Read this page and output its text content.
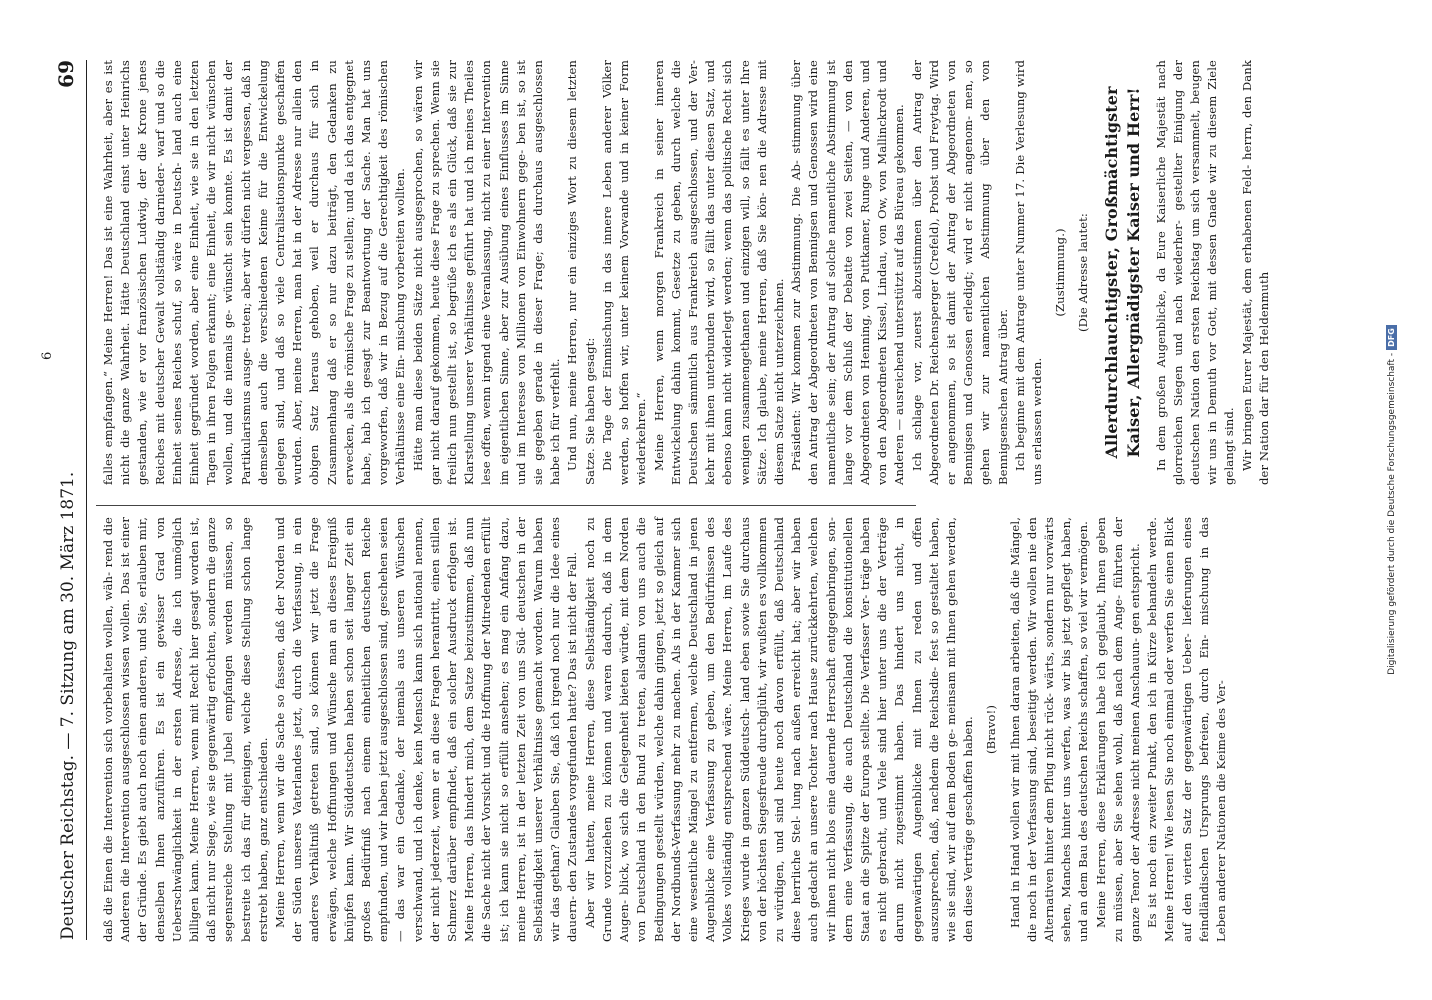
Deutscher Reichstag. — 7. Sitzung am 30. März 1871.
69
6

daß die Einen die Intervention sich vorbehalten wollen, wäh- rend die Anderen die Intervention ausgeschlossen wissen wollen. Das ist einer der Gründe. Es giebt auch noch einen anderen, und Sie, erlauben mir, denselben Ihnen anzuführen. Es ist ein gewisser Grad von Ueberschwänglichkeit in der ersten Adresse, die ich unmöglich billigen kann. Meine Herren, wenn mit Recht hier gesagt worden ist, daß nicht nur Siege, wie sie gegenwärtig erfochten, sondern die ganze segensreiche Stellung mit Jubel empfangen werden müssen, so bestreite ich das für diejenigen, welche diese Stellung schon lange erstrebt haben, ganz entschieden. Meine Herren, wenn wir die Sache so fassen, daß der Norden und der Süden unseres Vaterlandes jetzt, durch die Verfassung, in ein anderes Verhältniß getreten sind, so können wir jetzt die Frage erwägen, welche Hoffnungen und Wünsche man an dieses Ereigniß knüpfen kann. Wir Süddeutschen haben schon seit langer Zeit ein großes Bedürfniß nach einem einheitlichen deutschen Reiche empfunden, und wir haben jetzt ausgeschlossen sind, geschehen seien — das war ein Gedanke, der niemals aus unseren Wünschen verschwand, und ich denke, kein Mensch kann sich national nennen, der nicht jederzeit, wenn er an diese Fragen herantritt, einen stillen Schmerz darüber empfindet, daß ein solcher Ausdruck erfolgen ist. Meine Herren, das hindert mich, dem Satze beizustimmen, daß nun die Sache nicht der Vorsicht und die Hoffnung der Mitredenden erfüllt ist; ich kann sie nicht so erfüllt ansehen; es mag ein Anfang dazu, meine Herren, ist in der letzten Zeit von uns Süd- deutschen in der Selbständigkeit unserer Verhältnisse gemacht worden. Warum haben wir das gethan? Glauben Sie, daß ich irgend noch nur die Idee eines dauern- den Zustandes vorgefunden hatte? Das ist nicht der Fall. Aber wir hatten, meine Herren, diese Selbständigkeit noch zu Grunde vorzuziehen zu können und waren dadurch, daß in dem Augen- blick, wo sich die Gelegenheit bieten würde, mit dem Norden von Deutschland in den Bund zu treten, alsdann von uns auch die Bedingungen gestellt würden, welche dahin gingen, jetzt so gleich auf der Nordbunds-Verfassung mehr zu machen. Als in der Kammer sich eine wesentliche Mängel zu entfernen, welche Deutschland in jenen Augenblicke eine Verfassung zu geben, um den Bedürfnissen des Volkes vollständig entsprechend wäre. Meine Herren, im Laufe des Krieges wurde in ganzen Süddeutsch- land eben sowie Sie durchaus von der höchsten Siegesfreude durchglüht, wir wußten es vollkommen zu würdigen, und sind heute noch davon erfüllt, daß Deutschland diese herrliche Stel- lung nach außen erreicht hat; aber wir haben auch gedacht an unsere Tochter nach Hause zurückkehrten, welchen wir ihnen nicht blos eine dauernde Herrschaft entgegenbringen, son- dern eine Verfassung, die auch Deutschland die konstitutionellen Staat an die Spitze der Europa stellte. Die Verfasser Ver- träge haben es nicht gebracht, und Viele sind hier unter uns die der Verträge darum nicht zugestimmt haben. Das hindert uns nicht, in gegenwärtigen Augenblicke mit Ihnen zu reden und offen auszusprechen, daß, nachdem die Reichsdie- fest so gestaltet haben, wie sie sind, wir auf dem Boden ge- meinsam mit Ihnen gehen werden, den diese Verträge geschaffen haben. (Bravo!) Hand in Hand wollen wir mit Ihnen daran arbeiten, daß die Mängel, die noch in der Verfassung sind, beseitigt werden. Wir wollen nie den Alternativen hinter dem Pflug nicht rück- wärts, sondern nur vorwärts sehen, Manches hinter uns werfen, was wir bis jetzt gepflegt haben, und an dem Bau des deutschen Reichs schaffen, so viel wir vermögen. Meine Herren, diese Erklärungen habe ich geglaubt, Ihnen geben zu müssen, aber Sie sehen wohl, daß nach dem Ange- führten der ganze Tenor der Adresse nicht meinen Anschauun- gen entspricht. Es ist noch ein zweiter Punkt, den ich in Kürze behandeln werde. Meine Herren! Wie lesen Sie noch einmal oder werfen Sie einen Blick auf den vierten Satz der gegenwärtigen Ueber- lieferungen eines feindländischen Ursprungs befreien, durch Ein- mischung in das Leben anderer Nationen die Keime des Ver-

falles empfangen.“ Meine Herren! Das ist eine Wahrheit, aber es ist nicht die ganze Wahrheit. Hätte Deutschland einst unter Heinrichs gestanden, wie er vor französischen Ludwig, der die Krone jenes Reiches mit deutscher Gewalt vollständig darnieder- warf und so die Einheit seines Reiches schuf, so wäre in Deutsch- land auch eine Einheit gegründet worden, aber eine Einheit, wie sie in den letzten Tagen in ihren Folgen erkannt; eine Einheit, die wir nicht wünschen wollen, und die niemals ge- wünscht sein konnte. Es ist damit der Partikularismus ausge- treten; aber wir dürfen nicht vergessen, daß in demselben auch die verschiedenen Keime für die Entwickelung gelegen sind, und daß so viele Centralisationspunkte geschaffen wurden. Aber, meine Herren, man hat in der Adresse nur allein den obigen Satz heraus gehoben, weil er durchaus für sich in Zusammenhang daß er so nur dazu beiträgt, den Gedanken zu erwecken, als die römische Frage zu stellen; und da ich das entgegnet habe, hab ich gesagt zur Beantwortung der Sache. Man hat uns vorgeworfen, daß wir in Bezug auf die Gerechtigkeit des römischen Verhältnisse eine Ein- mischung vorbereiten wollten. Hätte man diese beiden Sätze nicht ausgesprochen, so wären wir gar nicht darauf gekommen, heute diese Frage zu sprechen. Wenn sie freilich nun gestellt ist, so begrüße ich es als ein Glück, daß sie zur Klarstellung unserer Verhältnisse geführt hat und ich meines Theiles lese offen, wenn irgend eine Veranlassung, nicht zu einer Intervention im eigentlichen Sinne, aber zur Ausübung eines Einflusses im Sinne und im Interesse von Millionen von Einwohnern gege- ben ist, so ist sie gegeben gerade in dieser Frage; das durchaus ausgeschlossen habe ich für verfehlt. Und nun, meine Herren, nur ein einziges Wort zu diesem letzten Satze. Sie haben gesagt: Die Tage der Einmischung in das innere Leben anderer Völker werden, so hoffen wir, unter keinem Vorwande und in keiner Form wiederkehren.“ Meine Herren, wenn morgen Frankreich in seiner inneren Entwickelung dahin kommt, Gesetze zu geben, durch welche die Deutschen sämmtlich aus Frankreich ausgeschlossen, und der Ver- kehr mit ihnen unterbunden wird, so fällt das unter diesen Satz, und ebenso kann nicht widerlegt werden; wenn das politische Recht sich wenigen zusammengethanen und einzigen will, so fällt es unter Ihre Sätze. Ich glaube, meine Herren, daß Sie kön- nen die Adresse mit diesem Satze nicht unterzeichnen. Präsident: Wir kommen zur Abstimmung. Die Ab- stimmung über den Antrag der Abgeordneten von Bennigsen und Genossen wird eine namentliche sein; der Antrag auf solche namentliche Abstimmung ist lange vor dem Schluß der Debatte von zwei Seiten, — von den Abgeordneten von Henning, von Puttkamer, Runge und Anderen, und von den Abgeordneten Kissel, Lindau, von Ow, von Mallinckrodt und Anderen — ausreichend unterstützt auf das Büreau gekommen. Ich schlage vor, zuerst abzustimmen über den Antrag der Abgeordneten Dr. Reichensperger (Crefeld), Probst und Freytag. Wird er angenommen, so ist damit der Antrag der Abgeordneten von Bennigsen und Genossen erledigt; wird er nicht angenom- men, so gehen wir zur namentlichen Abstimmung über den von Bennigsenschen Antrag über. Ich beginne mit dem Antrage unter Nummer 17. Die Verlesung wird uns erlassen werden.

(Zustimmung.) (Die Adresse lautet: Allerdurchlauchtigster, Großmächtigster Kaiser, Allergnädigster Kaiser und Herr! In dem großen Augenblicke, da Eure Kaiserliche Majestät nach glorreichen Siegen und nach wiederher- gestellter Einigung der deutschen Nation den ersten Reichstag um sich versammelt, beugen wir uns in Demuth vor Gott, mit dessen Gnade wir zu diesem Ziele gelangt sind. Wir bringen Eurer Majestät, dem erhabenen Feld- herrn, den Dank der Nation dar für den Heldenmuth	Digitalisierung gefördert durch die Deutsche Forschungsgemeinschaft -DFG
